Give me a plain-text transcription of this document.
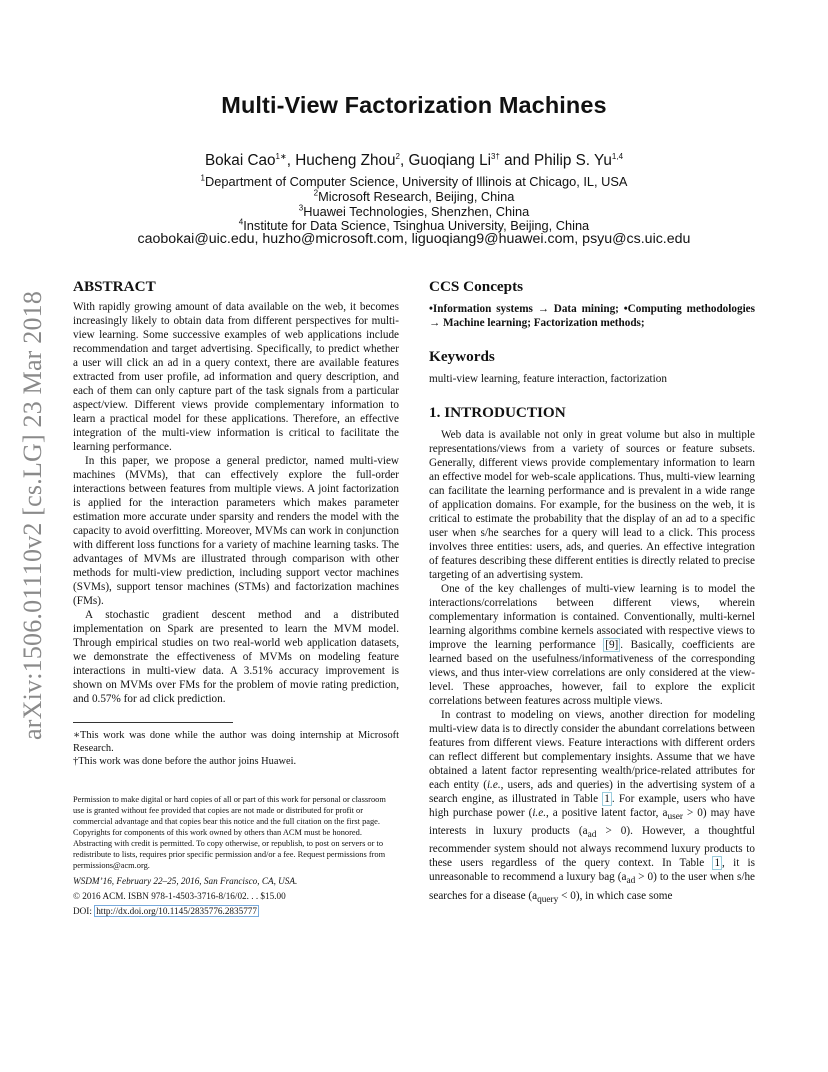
arXiv:1506.01110v2 [cs.LG] 23 Mar 2018
Multi-View Factorization Machines
Bokai Cao$^{1∗}$, Hucheng Zhou$^2$, Guoqiang $Li^{3\dagger}$ and Philip S. Yu$^{1,4}$
$^1$Department of Computer Science, University of Illinois at Chicago, IL, USA
$^2$Microsoft Research, Beijing, China
$^3$Huawei Technologies, Shenzhen, China
$^4$Institute for Data Science, Tsinghua University, Beijing, China
caobokai@uic.edu, huzho@microsoft.com, liguoqiang9@huawei.com, psyu@cs.uic.edu
ABSTRACT

With rapidly growing amount of data available on the web, it becomes increasingly likely to obtain data from different perspectives for multi-view learning. Some successive examples of web applications include recommendation and target advertising. Specifically, to predict whether a user will click an ad in a query context, there are available features extracted from user profile, ad information and query description, and each of them can only capture part of the task signals from a particular aspect/view. Different views provide complementary information to learn a practical model for these applications. Therefore, an effective integration of the multi-view information is critical to facilitate the learning performance.

In this paper, we propose a general predictor, named multi-view machines (MVMs), that can effectively explore the full-order interactions between features from multiple views. A joint factorization is applied for the interaction parameters which makes parameter estimation more accurate under sparsity and renders the model with the capacity to avoid overfitting. Moreover, MVMs can work in conjunction with different loss functions for a variety of machine learning tasks. The advantages of MVMs are illustrated through comparison with other methods for multi-view prediction, including support vector machines (SVMs), support tensor machines (STMs) and factorization machines (FMs).

A stochastic gradient descent method and a distributed implementation on Spark are presented to learn the MVM model. Through empirical studies on two real-world web application datasets, we demonstrate the effectiveness of MVMs on modeling feature interactions in multi-view data. A 3.51% accuracy improvement is shown on MVMs over FMs for the problem of movie rating prediction, and 0.57% for ad click prediction.

∗This work was done while the author was doing internship at Microsoft Research.

†This work was done before the author joins Huawei.

Permission to make digital or hard copies of all or part of this work for personal or classroom use is granted without fee provided that copies are not made or distributed for profit or commercial advantage and that copies bear this notice and the full citation on the first page. Copyrights for components of this work owned by others than ACM must be honored. Abstracting with credit is permitted. To copy otherwise, or republish, to post on servers or to redistribute to lists, requires prior specific permission and/or a fee. Request permissions from permissions@acm.org.

WSDM’16, February 22–25, 2016, San Francisco, CA, USA.

© 2016 ACM. ISBN 978-1-4503-3716-8/16/02. . . $15.00

DOI: http://dx.doi.org/10.1145/2835776.2835777

CCS Concepts

•Information systems → Data mining; •Computing methodologies → Machine learning; Factorization methods;

Keywords

multi-view learning, feature interaction, factorization

1. INTRODUCTION

Web data is available not only in great volume but also in multiple representations/views from a variety of sources or feature subsets. Generally, different views provide complementary information to learn an effective model for web-scale applications. Thus, multi-view learning can facilitate the learning performance and is prevalent in a wide range of application domains. For example, for the business on the web, it is critical to estimate the probability that the display of an ad to a specific user when s/he searches for a query will lead to a click. This process involves three entities: users, ads, and queries. An effective integration of features describing these different entities is directly related to precise targeting of an advertising system.

One of the key challenges of multi-view learning is to model the interactions/correlations between different views, wherein complementary information is contained. Conventionally, multi-kernel learning algorithms combine kernels associated with respective views to improve the learning performance [9] . Basically, coefficients are learned based on the usefulness/informativeness of the corresponding views, and thus inter-view correlations are only considered at the view-level. These approaches, however, fail to explore the explicit correlations between features across multiple views.

In contrast to modeling on views, another direction for modeling multi-view data is to directly consider the abundant correlations between features from different views. Feature interactions with different orders can reflect different but complementary insights. Assume that we have obtained a latent factor representing wealth/price-related attributes for each entity (i.e., users, ads and queries) in the advertising system of a search engine, as illustrated in Table 1 . For example, users who have high purchase power (i.e., a positive latent factor, $a_{user} > 0$) may have interests in luxury products $(a_{ad} > 0)$. However, a thoughtful recommender system should not always recommend luxury products to these users regardless of the query context. In Table 1 , it is unreasonable to recommend a luxury bag $(a_{ad} > 0)$ to the user when s/he searches for a disease $(a_{query} < 0)$, in which case some
